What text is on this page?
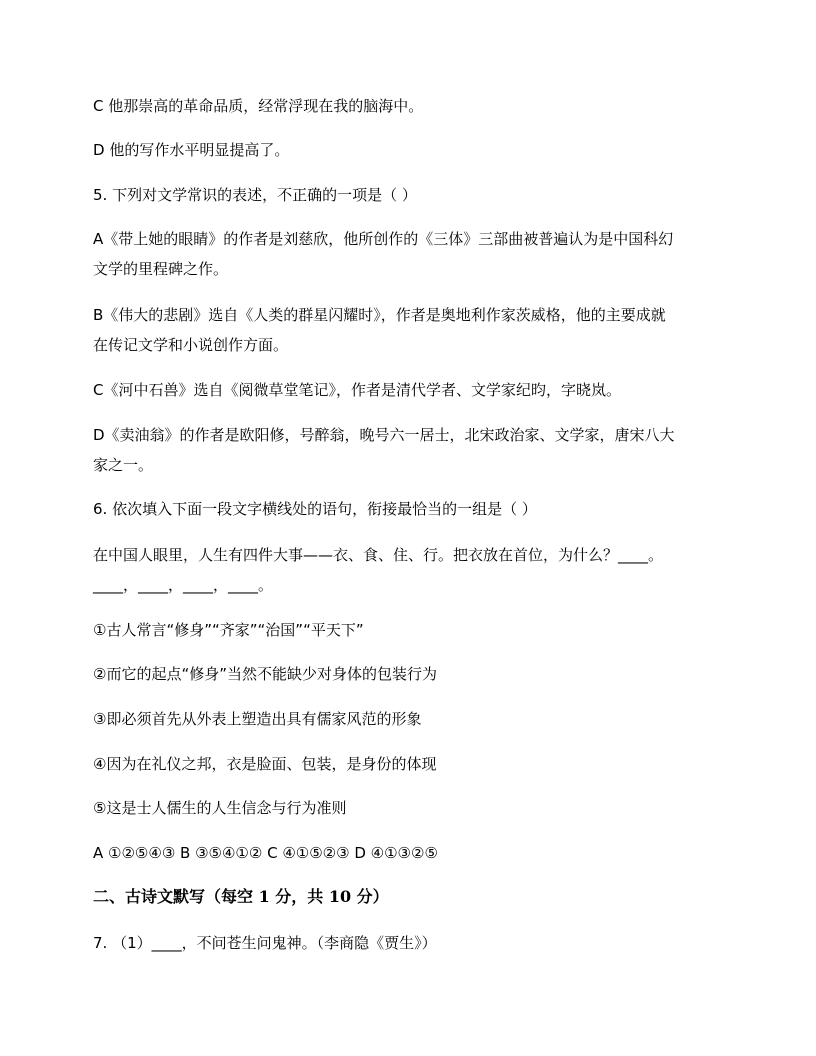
C 他那崇高的革命品质，经常浮现在我的脑海中。
D 他的写作水平明显提高了。
5. 下列对文学常识的表述，不正确的一项是（ ）
A《带上她的眼睛》的作者是刘慈欣，他所创作的《三体》三部曲被普遍认为是中国科幻
文学的里程碑之作。
B《伟大的悲剧》选自《人类的群星闪耀时》，作者是奥地利作家茨威格，他的主要成就
在传记文学和小说创作方面。
C《河中石兽》选自《阅微草堂笔记》，作者是清代学者、文学家纪昀，字晓岚。
D《卖油翁》的作者是欧阳修，号醉翁，晚号六一居士，北宋政治家、文学家，唐宋八大
家之一。
6. 依次填入下面一段文字横线处的语句，衔接最恰当的一组是（ ）
在中国人眼里，人生有四件大事——衣、食、住、行。把衣放在首位，为什么？____。
____，____，____，____。
①古人常言“修身”“齐家”“治国”“平天下”
②而它的起点“修身”当然不能缺少对身体的包装行为
③即必须首先从外表上塑造出具有儒家风范的形象
④因为在礼仪之邦，衣是脸面、包装，是身份的体现
⑤这是士人儒生的人生信念与行为准则
A ①②⑤④③ B ③⑤④①② C ④①⑤②③ D ④①③②⑤
二、古诗文默写（每空 1 分，共 10 分）
7. （1）____，不问苍生问鬼神。（李商隐《贾生》）
